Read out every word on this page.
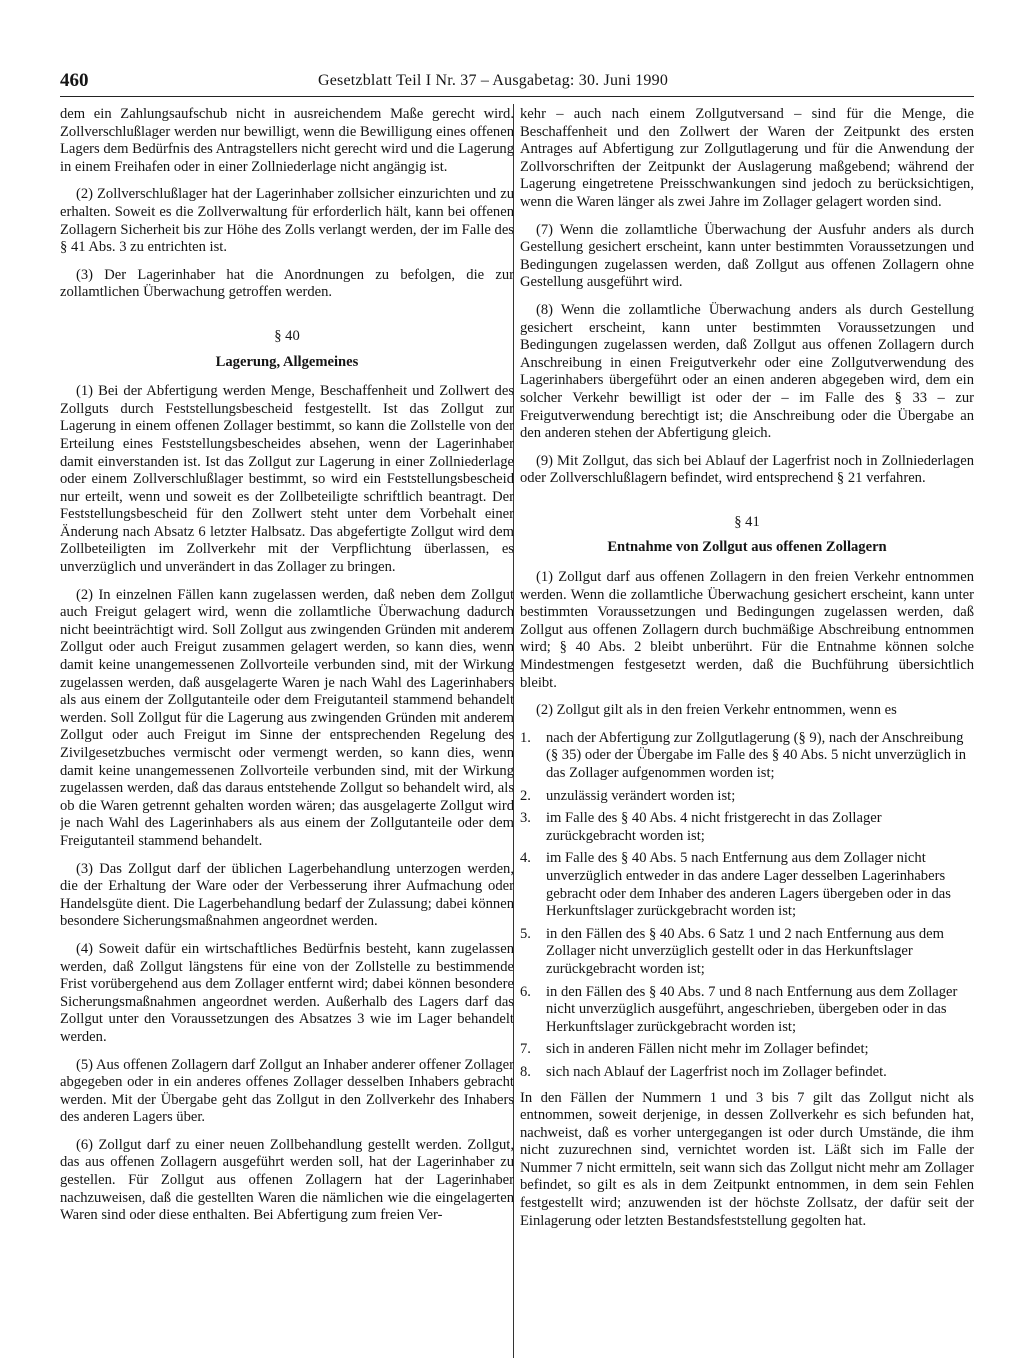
460	Gesetzblatt Teil I Nr. 37 – Ausgabetag: 30. Juni 1990

dem ein Zahlungsaufschub nicht in ausreichendem Maße gerecht wird. Zollverschlußlager werden nur bewilligt, wenn die Bewilligung eines offenen Lagers dem Bedürfnis des Antragstellers nicht gerecht wird und die Lagerung in einem Freihafen oder in einer Zollniederlage nicht angängig ist.

(2) Zollverschlußlager hat der Lagerinhaber zollsicher einzurichten und zu erhalten. Soweit es die Zollverwaltung für erforderlich hält, kann bei offenen Zollagern Sicherheit bis zur Höhe des Zolls verlangt werden, der im Falle des § 41 Abs. 3 zu entrichten ist.

(3) Der Lagerinhaber hat die Anordnungen zu befolgen, die zur zollamtlichen Überwachung getroffen werden.

§ 40
Lagerung, Allgemeines

(1) Bei der Abfertigung werden Menge, Beschaffenheit und Zollwert des Zollguts durch Feststellungsbescheid festgestellt. Ist das Zollgut zur Lagerung in einem offenen Zollager bestimmt, so kann die Zollstelle von der Erteilung eines Feststellungsbescheides absehen, wenn der Lagerinhaber damit einverstanden ist. Ist das Zollgut zur Lagerung in einer Zollniederlage oder einem Zollverschlußlager bestimmt, so wird ein Feststellungsbescheid nur erteilt, wenn und soweit es der Zollbeteiligte schriftlich beantragt. Der Feststellungsbescheid für den Zollwert steht unter dem Vorbehalt einer Änderung nach Absatz 6 letzter Halbsatz. Das abgefertigte Zollgut wird dem Zollbeteiligten im Zollverkehr mit der Verpflichtung überlassen, es unverzüglich und unverändert in das Zollager zu bringen.

(2) In einzelnen Fällen kann zugelassen werden, daß neben dem Zollgut auch Freigut gelagert wird, wenn die zollamtliche Überwachung dadurch nicht beeinträchtigt wird. Soll Zollgut aus zwingenden Gründen mit anderem Zollgut oder auch Freigut zusammen gelagert werden, so kann dies, wenn damit keine unangemessenen Zollvorteile verbunden sind, mit der Wirkung zugelassen werden, daß ausgelagerte Waren je nach Wahl des Lagerinhabers als aus einem der Zollgutanteile oder dem Freigutanteil stammend behandelt werden. Soll Zollgut für die Lagerung aus zwingenden Gründen mit anderem Zollgut oder auch Freigut im Sinne der entsprechenden Regelung des Zivilgesetzbuches vermischt oder vermengt werden, so kann dies, wenn damit keine unangemessenen Zollvorteile verbunden sind, mit der Wirkung zugelassen werden, daß das daraus entstehende Zollgut so behandelt wird, als ob die Waren getrennt gehalten worden wären; das ausgelagerte Zollgut wird je nach Wahl des Lagerinhabers als aus einem der Zollgutanteile oder dem Freigutanteil stammend behandelt.

(3) Das Zollgut darf der üblichen Lagerbehandlung unterzogen werden, die der Erhaltung der Ware oder der Verbesserung ihrer Aufmachung oder Handelsgüte dient. Die Lagerbehandlung bedarf der Zulassung; dabei können besondere Sicherungsmaßnahmen angeordnet werden.

(4) Soweit dafür ein wirtschaftliches Bedürfnis besteht, kann zugelassen werden, daß Zollgut längstens für eine von der Zollstelle zu bestimmende Frist vorübergehend aus dem Zollager entfernt wird; dabei können besondere Sicherungsmaßnahmen angeordnet werden. Außerhalb des Lagers darf das Zollgut unter den Voraussetzungen des Absatzes 3 wie im Lager behandelt werden.

(5) Aus offenen Zollagern darf Zollgut an Inhaber anderer offener Zollager abgegeben oder in ein anderes offenes Zollager desselben Inhabers gebracht werden. Mit der Übergabe geht das Zollgut in den Zollverkehr des Inhabers des anderen Lagers über.

(6) Zollgut darf zu einer neuen Zollbehandlung gestellt werden. Zollgut, das aus offenen Zollagern ausgeführt werden soll, hat der Lagerinhaber zu gestellen. Für Zollgut aus offenen Zollagern hat der Lagerinhaber nachzuweisen, daß die gestellten Waren die nämlichen wie die eingelagerten Waren sind oder diese enthalten. Bei Abfertigung zum freien Ver-

kehr – auch nach einem Zollgutversand – sind für die Menge, die Beschaffenheit und den Zollwert der Waren der Zeitpunkt des ersten Antrages auf Abfertigung zur Zollgutlagerung und für die Anwendung der Zollvorschriften der Zeitpunkt der Auslagerung maßgebend; während der Lagerung eingetretene Preisschwankungen sind jedoch zu berücksichtigen, wenn die Waren länger als zwei Jahre im Zollager gelagert worden sind.

(7) Wenn die zollamtliche Überwachung der Ausfuhr anders als durch Gestellung gesichert erscheint, kann unter bestimmten Voraussetzungen und Bedingungen zugelassen werden, daß Zollgut aus offenen Zollagern ohne Gestellung ausgeführt wird.

(8) Wenn die zollamtliche Überwachung anders als durch Gestellung gesichert erscheint, kann unter bestimmten Voraussetzungen und Bedingungen zugelassen werden, daß Zollgut aus offenen Zollagern durch Anschreibung in einen Freigutverkehr oder eine Zollgutverwendung des Lagerinhabers übergeführt oder an einen anderen abgegeben wird, dem ein solcher Verkehr bewilligt ist oder der – im Falle des § 33 – zur Freigutverwendung berechtigt ist; die Anschreibung oder die Übergabe an den anderen stehen der Abfertigung gleich.

(9) Mit Zollgut, das sich bei Ablauf der Lagerfrist noch in Zollniederlagen oder Zollverschlußlagern befindet, wird entsprechend § 21 verfahren.

§ 41
Entnahme von Zollgut aus offenen Zollagern

(1) Zollgut darf aus offenen Zollagern in den freien Verkehr entnommen werden. Wenn die zollamtliche Überwachung gesichert erscheint, kann unter bestimmten Voraussetzungen und Bedingungen zugelassen werden, daß Zollgut aus offenen Zollagern durch buchmäßige Abschreibung entnommen wird; § 40 Abs. 2 bleibt unberührt. Für die Entnahme können solche Mindestmengen festgesetzt werden, daß die Buchführung übersichtlich bleibt.

(2) Zollgut gilt als in den freien Verkehr entnommen, wenn es

1.	nach der Abfertigung zur Zollgutlagerung (§ 9), nach der Anschreibung (§ 35) oder der Übergabe im Falle des § 40 Abs. 5 nicht unverzüglich in das Zollager aufgenommen worden ist;
2.	unzulässig verändert worden ist;
3.	im Falle des § 40 Abs. 4 nicht fristgerecht in das Zollager zurückgebracht worden ist;
4.	im Falle des § 40 Abs. 5 nach Entfernung aus dem Zollager nicht unverzüglich entweder in das andere Lager desselben Lagerinhabers gebracht oder dem Inhaber des anderen Lagers übergeben oder in das Herkunftslager zurückgebracht worden ist;
5.	in den Fällen des § 40 Abs. 6 Satz 1 und 2 nach Entfernung aus dem Zollager nicht unverzüglich gestellt oder in das Herkunftslager zurückgebracht worden ist;
6.	in den Fällen des § 40 Abs. 7 und 8 nach Entfernung aus dem Zollager nicht unverzüglich ausgeführt, angeschrieben, übergeben oder in das Herkunftslager zurückgebracht worden ist;
7.	sich in anderen Fällen nicht mehr im Zollager befindet;
8.	sich nach Ablauf der Lagerfrist noch im Zollager befindet.

In den Fällen der Nummern 1 und 3 bis 7 gilt das Zollgut nicht als entnommen, soweit derjenige, in dessen Zollverkehr es sich befunden hat, nachweist, daß es vorher untergegangen ist oder durch Umstände, die ihm nicht zuzurechnen sind, vernichtet worden ist. Läßt sich im Falle der Nummer 7 nicht ermitteln, seit wann sich das Zollgut nicht mehr am Zollager befindet, so gilt es als in dem Zeitpunkt entnommen, in dem sein Fehlen festgestellt wird; anzuwenden ist der höchste Zollsatz, der dafür seit der Einlagerung oder letzten Bestandsfeststellung gegolten hat.
